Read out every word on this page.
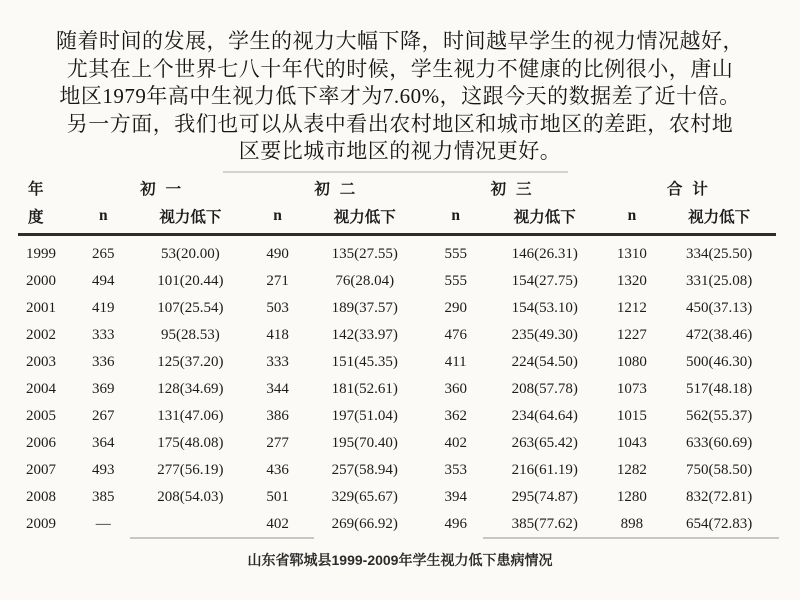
随着时间的发展，学生的视力大幅下降，时间越早学生的视力情况越好，
尤其在上个世界七八十年代的时候，学生视力不健康的比例很小，唐山
地区1979年高中生视力低下率才为7.60%，这跟今天的数据差了近十倍。
另一方面，我们也可以从表中看出农村地区和城市地区的差距，农村地
区要比城市地区的视力情况更好。
年	初 一		初 二		初 三		合 计	
度	n	视力低下	n	视力低下	n	视力低下	n	视力低下
1999	265	53(20.00)	490	135(27.55)	555	146(26.31)	1310	334(25.50)
2000	494	101(20.44)	271	76(28.04)	555	154(27.75)	1320	331(25.08)
2001	419	107(25.54)	503	189(37.57)	290	154(53.10)	1212	450(37.13)
2002	333	95(28.53)	418	142(33.97)	476	235(49.30)	1227	472(38.46)
2003	336	125(37.20)	333	151(45.35)	411	224(54.50)	1080	500(46.30)
2004	369	128(34.69)	344	181(52.61)	360	208(57.78)	1073	517(48.18)
2005	267	131(47.06)	386	197(51.04)	362	234(64.64)	1015	562(55.37)
2006	364	175(48.08)	277	195(70.40)	402	263(65.42)	1043	633(60.69)
2007	493	277(56.19)	436	257(58.94)	353	216(61.19)	1282	750(58.50)
2008	385	208(54.03)	501	329(65.67)	394	295(74.87)	1280	832(72.81)
2009	—		402	269(66.92)	496	385(77.62)	898	654(72.83)
山东省郓城县1999-2009年学生视力低下患病情况
